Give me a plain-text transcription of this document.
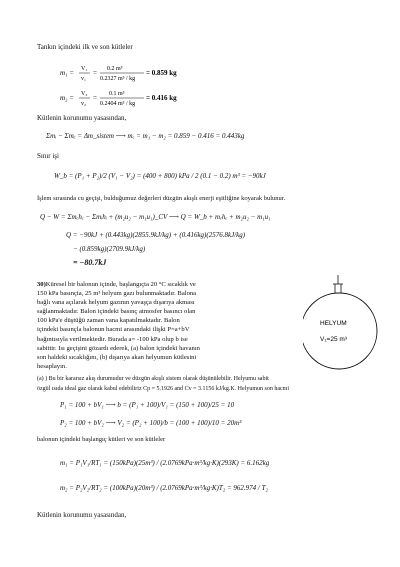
Tankın içindeki ilk ve son kütleler
m₁ = V₁
v₁
= 0.2 m³
0.2327 m³ / kg
= 0.859 kg
m₂ = V₂
v₂
= 0.1 m³
0.2404 m³ / kg
= 0.416 kg
Kütlenin korunumu yasasından,
Σmᵢ − Σmₑ = Δm_sistem ⟶ mₑ = m₁ − m₂ = 0.859 − 0.416 = 0.443kg
Sınır işi
W_b = (P₁ + P₂)/2 (V₁ − V₂) = (400 + 800) kPa / 2 (0.1 − 0.2) m³ = −90kJ
İşlem sırasında cu geçişi, bulduğumuz değerleri düzgün akışlı enerji eşitliğine koyarak bulunur.
Q − W = Σmₑhₑ − Σmᵢhᵢ + (m₂u₂ − m₁u₁)_CV ⟶ Q = W_b + mₑhₑ + m₂u₂ − m₁u₁
Q = −90kJ + (0.443kg)(2855.9kJ/kg) + (0.416kg)(2576.8kJ/kg)
− (0.859kg)(2709.9kJ/kg)
= −80.7kJ
30)Küresel bir balonun içinde, başlangıçta 20 °C sıcaklık ve
150 kPa basınçta, 25 m³ helyum gazı bulunmaktadır. Balona
bağlı vana açılarak helyum gazının yavaşça dışarıya akması
sağlanmaktadır. Balon içindeki basınç atmosfer basıncı olan
100 kPa'e düştüğü zaman vana kapatılmaktadır. Balon
içindeki basınçla balonun hacmi arasındaki ilişki P=a+bV
bağıntısıyla verilmektedir. Burada a= -100 kPa olup b ise
sabittir. Isı geçişini gözardı ederek, (a) balon içindeki havanın
son haldeki sıcaklığını, (b) dışarıya akan helyumun kütlesini
hesaplayın.
HELYUM
V₁=25 m³
(a) ) Bu bir kararsız akış durumudur ve düzgün akışlı sistem olarak düşünülebilir. Helyumu sabit
özgül ısıda ideal gaz olarak kabul edebiliriz Cp = 5.1926 and Cv = 3.1156 kJ/kg.K. Helyumun son hacmi
P₁ = 100 + bV₁ ⟶ b = (P₁ + 100)/V₁ = (150 + 100)/25 = 10
P₂ = 100 + bV₂ ⟶ V₂ = (P₂ + 100)/b = (100 + 100)/10 = 20m³
balonun içindeki başlangıç kütleri ve son kütleler
m₁ = P₁V₁/RT₁ = (150kPa)(25m³) / (2.0769kPa·m³/kg·K)(293K) = 6.162kg
m₂ = P₂V₂/RT₂ = (100kPa)(20m³) / (2.0769kPa·m³/kg·K)T₂ = 962.974 / T₂
Kütlenin korunumu yasasından,
